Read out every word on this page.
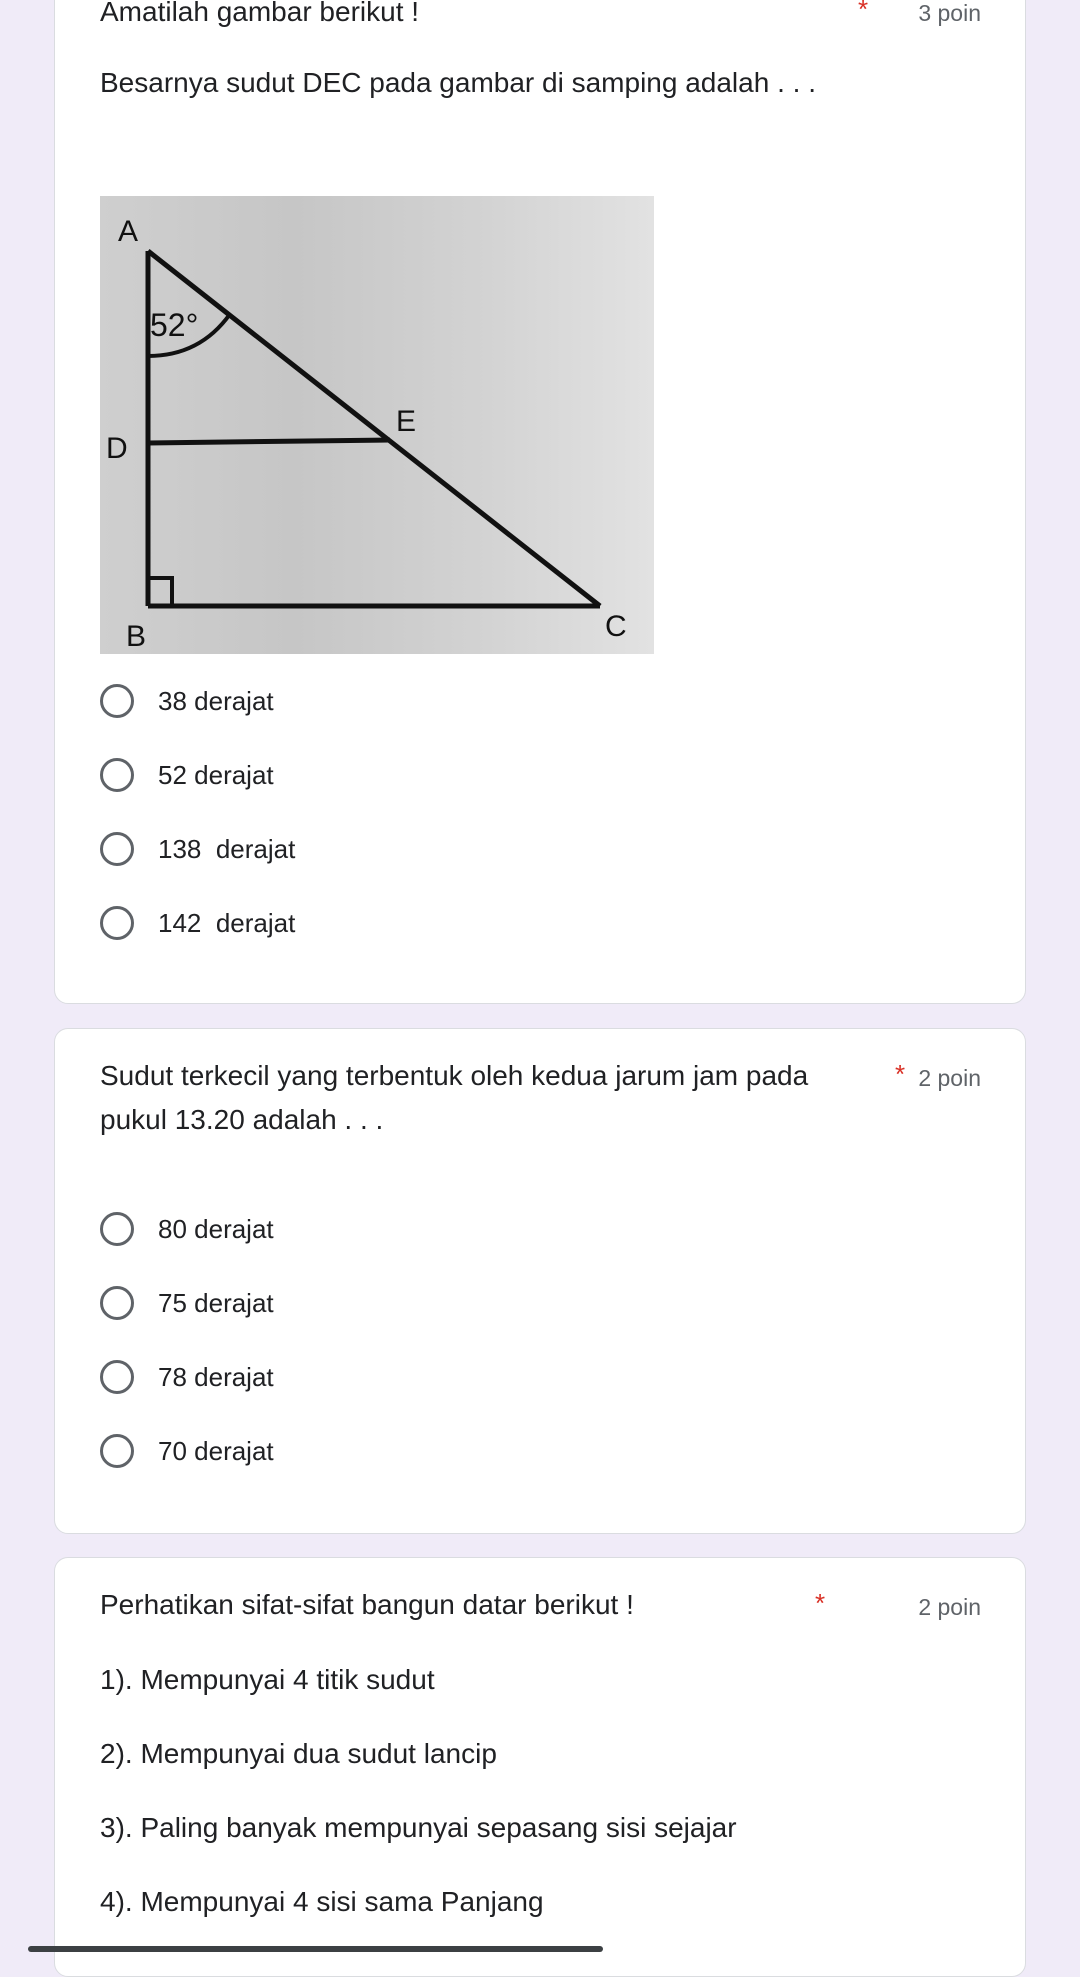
Amatilah gambar berikut !	* 3 poin
Besarnya sudut DEC pada gambar di samping adalah . . .
A
52°
D
E
B	C
38 derajat
52 derajat
138  derajat
142  derajat
Sudut terkecil yang terbentuk oleh kedua jarum jam pada
pukul 13.20 adalah . . .
* 2 poin
80 derajat
75 derajat
78 derajat
70 derajat
Perhatikan sifat-sifat bangun datar berikut !	*	2 poin
1). Mempunyai 4 titik sudut
2). Mempunyai dua sudut lancip
3). Paling banyak mempunyai sepasang sisi sejajar
4). Mempunyai 4 sisi sama Panjang
